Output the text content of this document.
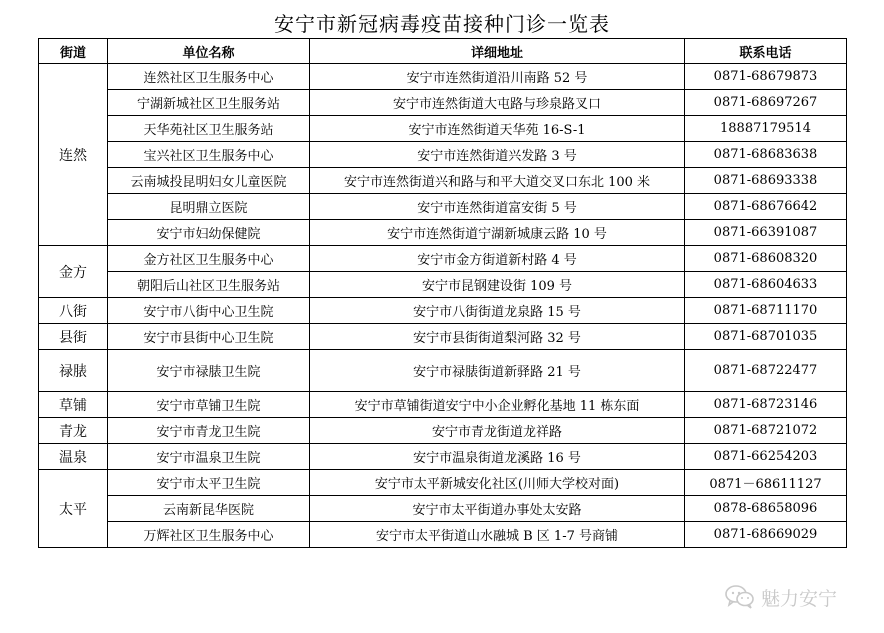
安宁市新冠病毒疫苗接种门诊一览表
街道	单位名称	详细地址	联系电话
连然	连然社区卫生服务中心	安宁市连然街道沿川南路 52 号	0871-68679873
	宁湖新城社区卫生服务站	安宁市连然街道大屯路与珍泉路叉口	0871-68697267
	天华苑社区卫生服务站	安宁市连然街道天华苑 16-S-1	18887179514
	宝兴社区卫生服务中心	安宁市连然街道兴发路 3 号	0871-68683638
	云南城投昆明妇女儿童医院	安宁市连然街道兴和路与和平大道交叉口东北 100 米	0871-68693338
	昆明鼎立医院	安宁市连然街道富安街 5 号	0871-68676642
	安宁市妇幼保健院	安宁市连然街道宁湖新城康云路 10 号	0871-66391087
金方	金方社区卫生服务中心	安宁市金方街道新村路 4 号	0871-68608320
	朝阳后山社区卫生服务站	安宁市昆钢建设街 109 号	0871-68604633
八街	安宁市八街中心卫生院	安宁市八街街道龙泉路 15 号	0871-68711170
县街	安宁市县街中心卫生院	安宁市县街街道梨河路 32 号	0871-68701035
禄脿	安宁市禄脿卫生院	安宁市禄脿街道新驿路 21 号	0871-68722477
草铺	安宁市草铺卫生院	安宁市草铺街道安宁中小企业孵化基地 11 栋东面	0871-68723146
青龙	安宁市青龙卫生院	安宁市青龙街道龙祥路	0871-68721072
温泉	安宁市温泉卫生院	安宁市温泉街道龙溪路 16 号	0871-66254203
太平	安宁市太平卫生院	安宁市太平新城安化社区(川师大学校对面)	0871－68611127
	云南新昆华医院	安宁市太平街道办事处太安路	0878-68658096
	万辉社区卫生服务中心	安宁市太平街道山水融城 B 区 1-7 号商铺	0871-68669029
魅力安宁
